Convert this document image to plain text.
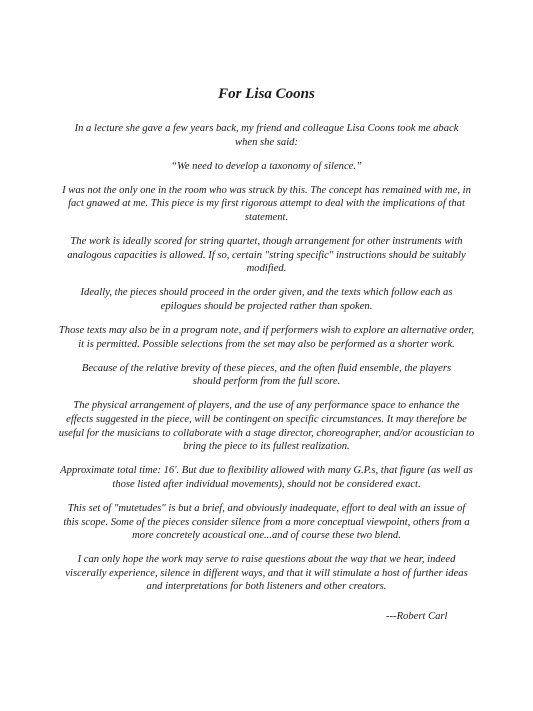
For Lisa Coons

In a lecture she gave a few years back, my friend and colleague Lisa Coons took me aback
when she said:

“We need to develop a taxonomy of silence.”

I was not the only one in the room who was struck by this. The concept has remained with me, in
fact gnawed at me. This piece is my first rigorous attempt to deal with the implications of that
statement.

The work is ideally scored for string quartet, though arrangement for other instruments with
analogous capacities is allowed. If so, certain "string specific" instructions should be suitably
modified.

Ideally, the pieces should proceed in the order given, and the texts which follow each as
epilogues should be projected rather than spoken.

Those texts may also be in a program note, and if performers wish to explore an alternative order,
it is permitted. Possible selections from the set may also be performed as a shorter work.

Because of the relative brevity of these pieces, and the often fluid ensemble, the players
should perform from the full score.

The physical arrangement of players, and the use of any performance space to enhance the
effects suggested in the piece, will be contingent on specific circumstances. It may therefore be
useful for the musicians to collaborate with a stage director, choreographer, and/or acoustician to
bring the piece to its fullest realization.

Approximate total time: 16'. But due to flexibility allowed with many G.P.s, that figure (as well as
those listed after individual movements), should not be considered exact.

This set of "mutetudes" is but a brief, and obviously inadequate, effort to deal with an issue of
this scope. Some of the pieces consider silence from a more conceptual viewpoint, others from a
more concretely acoustical one...and of course these two blend.

I can only hope the work may serve to raise questions about the way that we hear, indeed
viscerally experience, silence in different ways, and that it will stimulate a host of further ideas
and interpretations for both listeners and other creators.

---Robert Carl
